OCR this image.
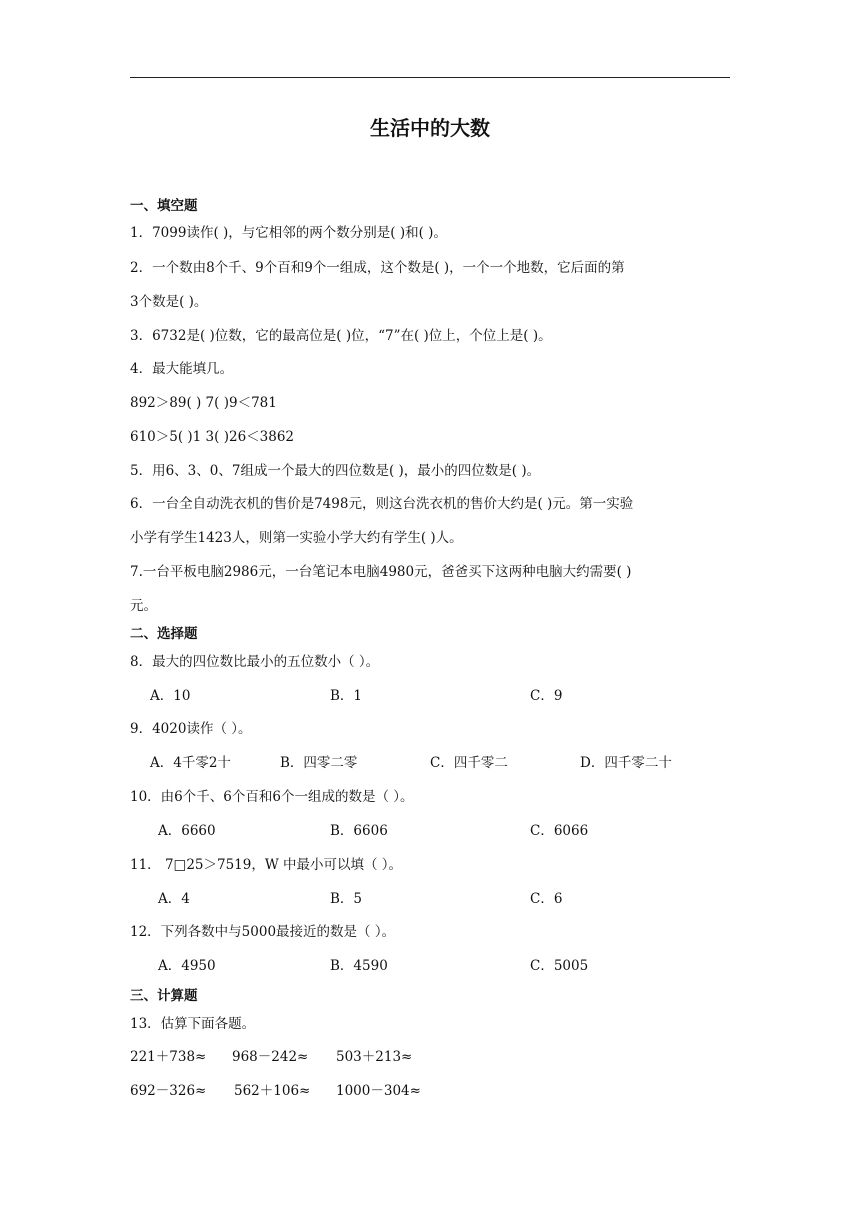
生活中的大数
一、填空题
1．7099读作( )，与它相邻的两个数分别是( )和( )。
2．一个数由8个千、9个百和9个一组成，这个数是( )，一个一个地数，它后面的第
3个数是( )。
3．6732是( )位数，它的最高位是( )位，“7”在( )位上，个位上是( )。
4．最大能填几。
892＞89( ) 7( )9＜781
610＞5( )1 3( )26＜3862
5．用6、3、0、7组成一个最大的四位数是( )，最小的四位数是( )。
6．一台全自动洗衣机的售价是7498元，则这台洗衣机的售价大约是( )元。第一实验
小学有学生1423人，则第一实验小学大约有学生( )人。
7.一台平板电脑2986元，一台笔记本电脑4980元，爸爸买下这两种电脑大约需要( )
元。
二、选择题
8．最大的四位数比最小的五位数小（ ）。
A．10	B．1	C．9
9．4020读作（ ）。
A．4千零2十	B．四零二零	C．四千零二	D．四千零二十
10．由6个千、6个百和6个一组成的数是（ ）。
A．6660	B．6606	C．6066
11． 7□25＞7519，W 中最小可以填（ ）。
A．4	B．5	C．6
12．下列各数中与5000最接近的数是（ ）。
A．4950	B．4590	C．5005
三、计算题
13．估算下面各题。
221＋738≈ 968－242≈ 503＋213≈
692－326≈ 562＋106≈ 1000－304≈
